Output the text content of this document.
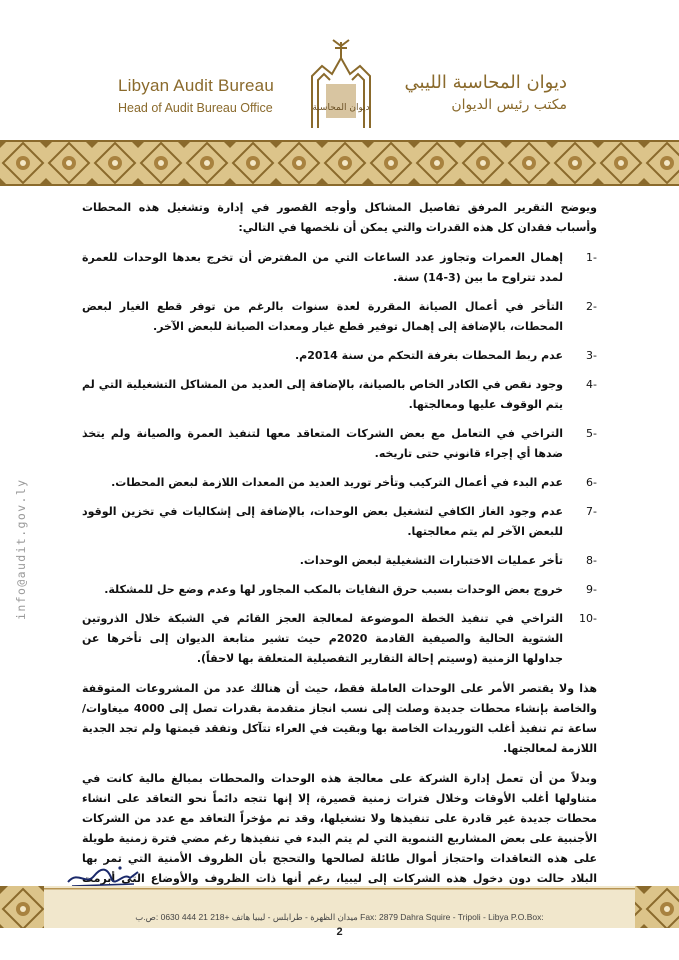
Libyan Audit Bureau
Head of Audit Bureau Office	ديوان المحاسبة
ديوان المحاسبة الليبي
مكتب رئيس الديوان
info@audit.gov.ly

ويوضح التقرير المرفق تفاصيل المشاكل وأوجه القصور في إدارة وتشغيل هذه المحطات وأسباب فقدان كل هذه القدرات والتي يمكن أن نلخصها في التالي:

1-
إهمال العمرات وتجاوز عدد الساعات التي من المفترض أن تخرج بعدها الوحدات للعمرة لمدد تتراوح ما بين (3-14) سنة.
2-
التأخر في أعمال الصيانة المقررة لعدة سنوات بالرغم من توفر قطع الغيار لبعض المحطات، بالإضافة إلى إهمال توفير قطع غيار ومعدات الصيانة للبعض الآخر.
3-
عدم ربط المحطات بغرفة التحكم من سنة 2014م.
4-
وجود نقص في الكادر الخاص بالصيانة، بالإضافة إلى العديد من المشاكل التشغيلية التي لم يتم الوقوف عليها ومعالجتها.
5-
التراخي في التعامل مع بعض الشركات المتعاقد معها لتنفيذ العمرة والصيانة ولم يتخذ ضدها أي إجراء قانوني حتى تاريخه.
6-
عدم البدء في أعمال التركيب وتأخر توريد العديد من المعدات اللازمة لبعض المحطات.
7-
عدم وجود الغاز الكافي لتشغيل بعض الوحدات، بالإضافة إلى إشكاليات في تخزين الوقود للبعض الآخر لم يتم معالجتها.
8-
تأخر عمليات الاختبارات التشغيلية لبعض الوحدات.
9-
خروج بعض الوحدات بسبب حرق النفايات بالمكب المجاور لها وعدم وضع حل للمشكلة.
10-
التراخي في تنفيذ الخطة الموضوعة لمعالجة العجز القائم في الشبكة خلال الذروتين الشتوية الحالية والصيفية القادمة 2020م حيث تشير متابعة الديوان إلى تأخرها عن جداولها الزمنية (وسيتم إحالة التقارير التفصيلية المتعلقة بها لاحقاً).

هذا ولا يقتصر الأمر على الوحدات العاملة فقط، حيث أن هنالك عدد من المشروعات المتوقفة والخاصة بإنشاء محطات جديدة وصلت إلى نسب انجاز متقدمة بقدرات تصل إلى 4000 ميغاوات/ساعة تم تنفيذ أغلب التوريدات الخاصة بها وبقيت في العراء تتآكل وتفقد قيمتها ولم تجد الجدية اللازمة لمعالجتها.

وبدلاً من أن تعمل إدارة الشركة على معالجة هذه الوحدات والمحطات بمبالغ مالية كانت في متناولها أغلب الأوقات وخلال فترات زمنية قصيرة، إلا إنها تتجه دائماً نحو التعاقد على انشاء محطات جديدة غير قادرة على تنفيذها ولا تشغيلها، وقد تم مؤخراً التعاقد مع عدد من الشركات الأجنبية على بعض المشاريع التنموية التي لم يتم البدء في تنفيذها رغم مضي فترة زمنية طويلة على هذه التعاقدات واحتجاز أموال طائلة لصالحها والتحجج بأن الظروف الأمنية التي تمر بها البلاد حالت دون دخول هذه الشركات إلى ليبيا، رغم أنها ذات الظروف والأوضاع التي أبرمت

ميدان الظهرة - طرابلس - ليبيا هاتف +218 21 444 0630 :ص.ب Fax: 2879 Dahra Squire - Tripoli - Libya P.O.Box:
2
